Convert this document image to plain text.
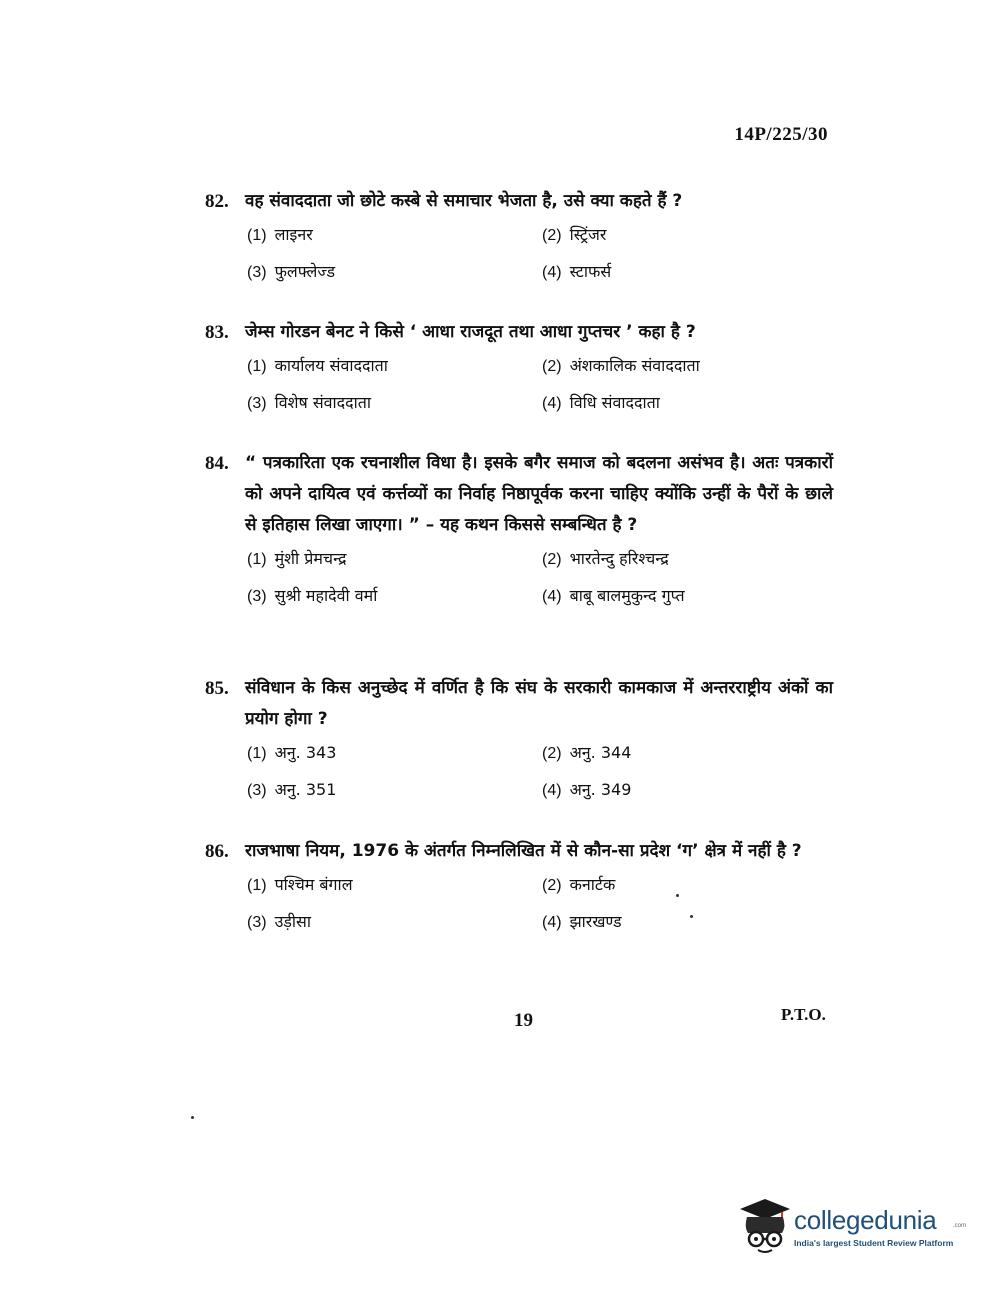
14P/225/30
82. वह संवाददाता जो छोटे कस्बे से समाचार भेजता है, उसे क्या कहते हैं ?
(1) लाइनर	(2) स्ट्रिंजर
(3) फुलफ्लेज्ड	(4) स्टाफर्स
83. जेम्स गोरडन बेनट ने किसे ‘ आधा राजदूत तथा आधा गुप्तचर ’ कहा है ?
(1) कार्यालय संवाददाता	(2) अंशकालिक संवाददाता
(3) विशेष संवाददाता	(4) विधि संवाददाता
84. “ पत्रकारिता एक रचनाशील विधा है। इसके बगैर समाज को बदलना असंभव है। अतः पत्रकारों को अपने दायित्व एवं कर्त्तव्यों का निर्वाह निष्ठापूर्वक करना चाहिए क्योंकि उन्हीं के पैरों के छाले से इतिहास लिखा जाएगा। ” – यह कथन किससे सम्बन्धित है ?
(1) मुंशी प्रेमचन्द्र	(2) भारतेन्दु हरिश्चन्द्र
(3) सुश्री महादेवी वर्मा	(4) बाबू बालमुकुन्द गुप्त
85. संविधान के किस अनुच्छेद में वर्णित है कि संघ के सरकारी कामकाज में अन्तरराष्ट्रीय अंकों का प्रयोग होगा ?
(1) अनु. 343	(2) अनु. 344
(3) अनु. 351	(4) अनु. 349
86. राजभाषा नियम, 1976 के अंतर्गत निम्नलिखित में से कौन-सा प्रदेश ‘ग’ क्षेत्र में नहीं है ?
(1) पश्चिम बंगाल	(2) कनार्टक
(3) उड़ीसा	(4) झारखण्ड
19	P.T.O.
collegedunia	.com
India's largest Student Review Platform
